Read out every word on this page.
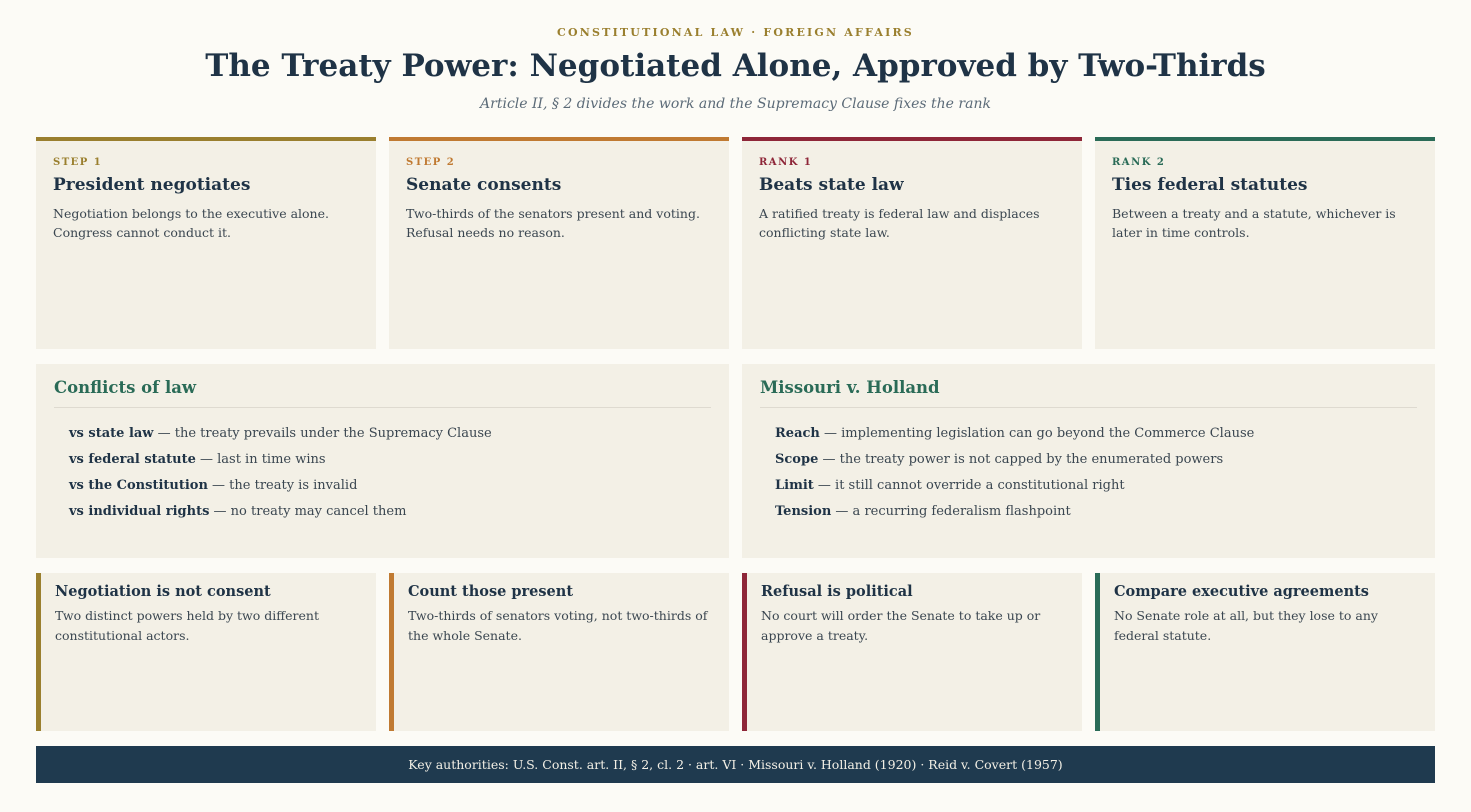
CONSTITUTIONAL LAW · FOREIGN AFFAIRS
The Treaty Power: Negotiated Alone, Approved by Two-Thirds
Article II, § 2 divides the work and the Supremacy Clause fixes the rank
STEP 1
President negotiates
Negotiation belongs to the executive alone. Congress cannot conduct it.
STEP 2
Senate consents
Two-thirds of the senators present and voting. Refusal needs no reason.
RANK 1
Beats state law
A ratified treaty is federal law and displaces conflicting state law.
RANK 2
Ties federal statutes
Between a treaty and a statute, whichever is later in time controls.
Conflicts of law
vs state law — the treaty prevails under the Supremacy Clause
vs federal statute — last in time wins
vs the Constitution — the treaty is invalid
vs individual rights — no treaty may cancel them
Missouri v. Holland
Reach — implementing legislation can go beyond the Commerce Clause
Scope — the treaty power is not capped by the enumerated powers
Limit — it still cannot override a constitutional right
Tension — a recurring federalism flashpoint
Negotiation is not consent
Two distinct powers held by two different constitutional actors.
Count those present
Two-thirds of senators voting, not two-thirds of the whole Senate.
Refusal is political
No court will order the Senate to take up or approve a treaty.
Compare executive agreements
No Senate role at all, but they lose to any federal statute.
Key authorities: U.S. Const. art. II, § 2, cl. 2 · art. VI · Missouri v. Holland (1920) · Reid v. Covert (1957)
